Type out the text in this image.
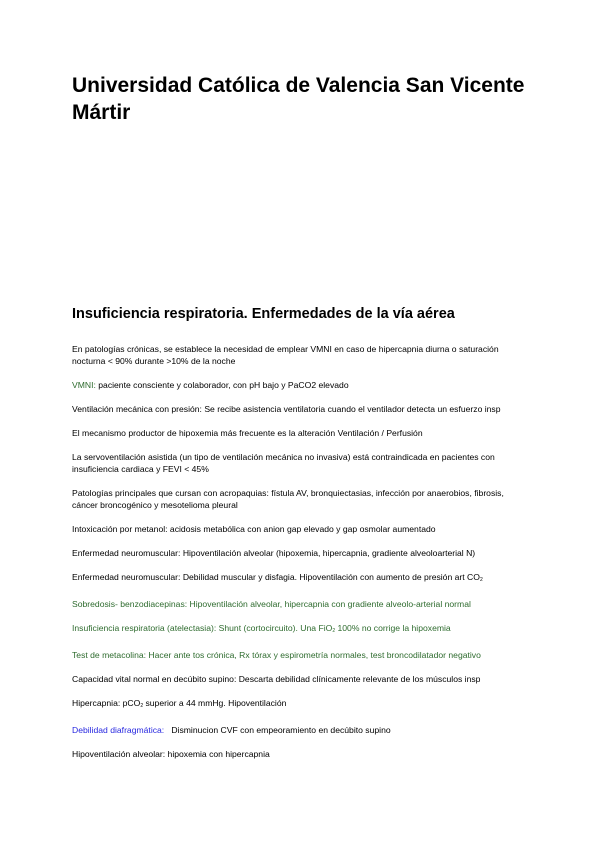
Universidad Católica de Valencia San Vicente Mártir
Insuficiencia respiratoria. Enfermedades de la vía aérea

En patologías crónicas, se establece la necesidad de emplear VMNI en caso de hipercapnia diurna o saturación nocturna < 90% durante >10% de la noche

VMNI: paciente consciente y colaborador, con pH bajo y PaCO2 elevado

Ventilación mecánica con presión: Se recibe asistencia ventilatoria cuando el ventilador detecta un esfuerzo insp

El mecanismo productor de hipoxemia más frecuente es la alteración Ventilación / Perfusión

La servoventilación asistida (un tipo de ventilación mecánica no invasiva) está contraindicada en pacientes con insuficiencia cardiaca y FEVI < 45%

Patologías principales que cursan con acropaquias: fístula AV, bronquiectasias, infección por anaerobios, fibrosis, cáncer broncogénico y mesotelioma pleural

Intoxicación por metanol: acidosis metabólica con anion gap elevado y gap osmolar aumentado

Enfermedad neuromuscular: Hipoventilación alveolar (hipoxemia, hipercapnia, gradiente alveoloarterial N)

Enfermedad neuromuscular: Debilidad muscular y disfagia. Hipoventilación con aumento de presión art $CO_2$

Sobredosis- benzodiacepinas: Hipoventilación alveolar, hipercapnia con gradiente alveolo-arterial normal

Insuficiencia respiratoria (atelectasia): Shunt (cortocircuito). Una FiO$_2$ 100% no corrige la hipoxemia

Test de metacolina: Hacer ante tos crónica, Rx tórax y espirometría normales, test broncodilatador negativo

Capacidad vital normal en decúbito supino: Descarta debilidad clínicamente relevante de los músculos insp

Hipercapnia: pCO$_2$ superior a 44 mmHg. Hipoventilación

Debilidad diafragmática:   Disminucion CVF con empeoramiento en decúbito supino

Hipoventilación alveolar: hipoxemia con hipercapnia
